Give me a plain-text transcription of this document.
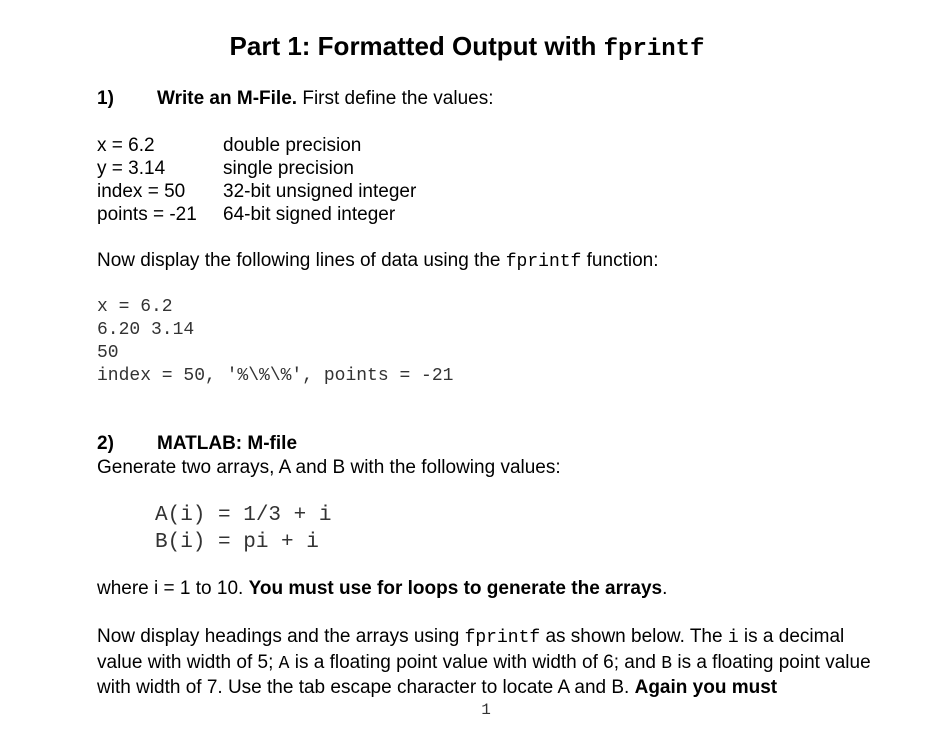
Part 1: Formatted Output with fprintf
1) Write an M-File. First define the values:
x = 6.2
y = 3.14
index = 50
points = -21
double precision
single precision
32-bit unsigned integer
64-bit signed integer
Now display the following lines of data using the fprintf function:
x = 6.2
6.20 3.14
50
index = 50, '%\%\%', points = -21
2) MATLAB: M-file
Generate two arrays, A and B with the following values:
A(i) = 1/3 + i
B(i) = pi + i
where i = 1 to 10. You must use for loops to generate the arrays.
Now display headings and the arrays using fprintf as shown below. The i is a decimal value with width of 5; A is a floating point value with width of 6; and B is a floating point value with width of 7. Use the tab escape character to locate A and B. Again you must
1
